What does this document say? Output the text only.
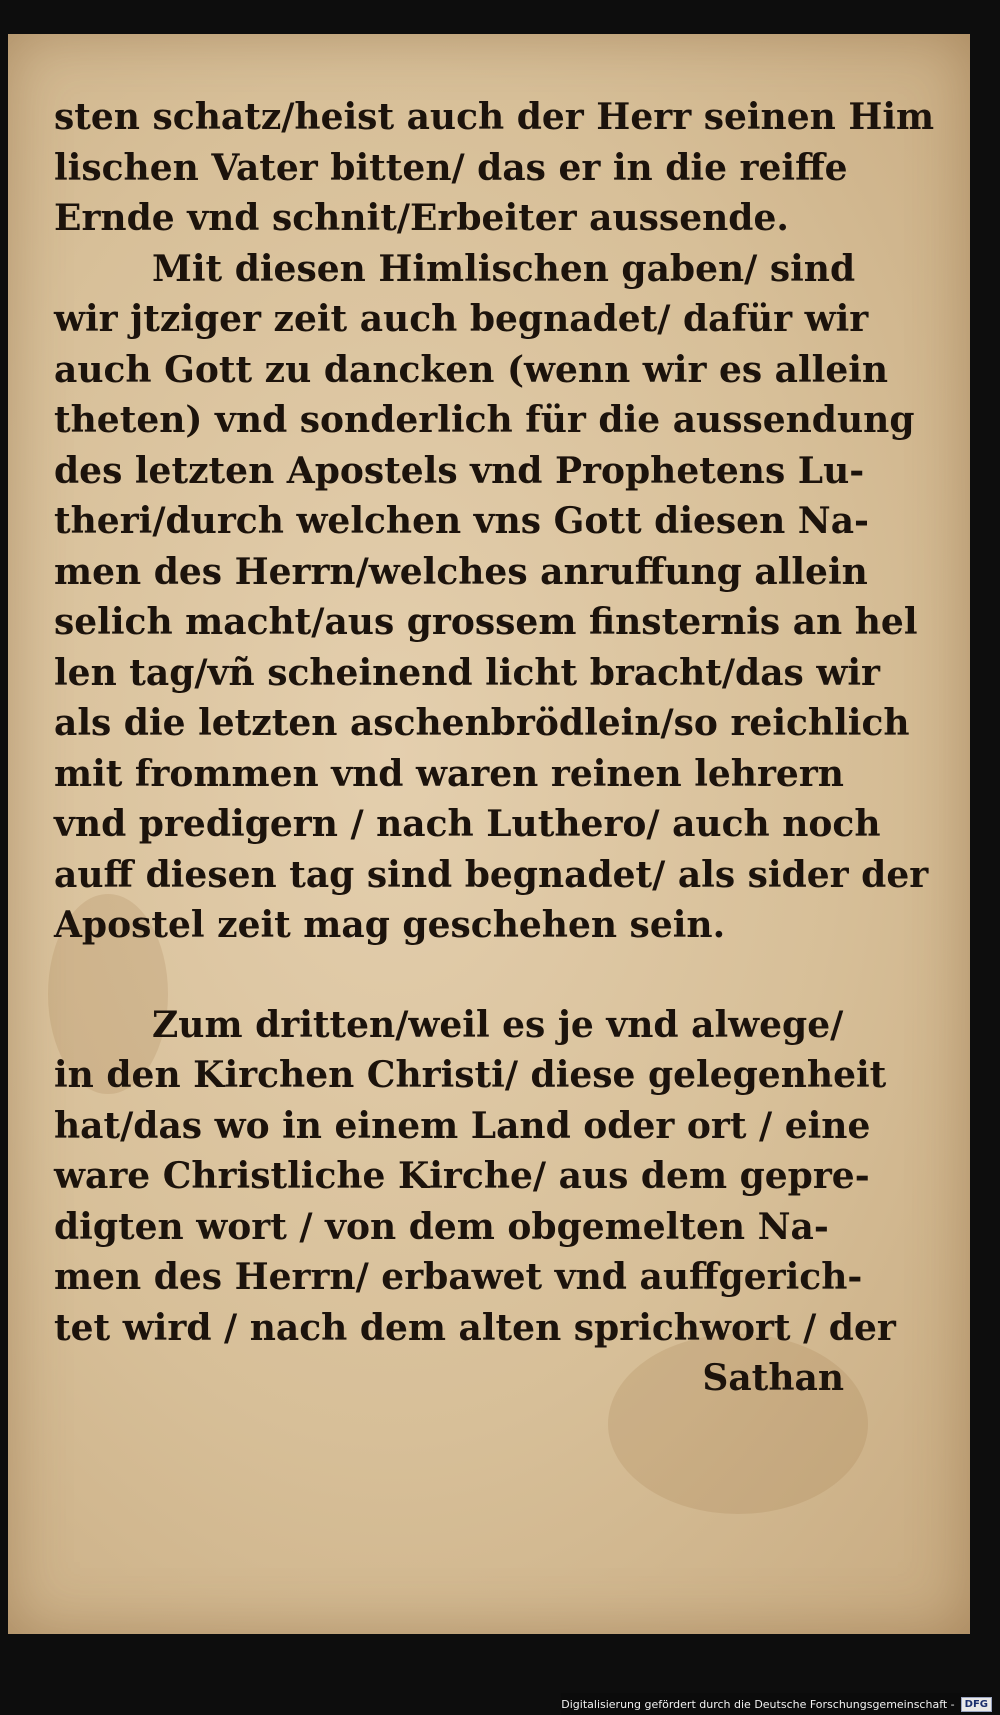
sten schatz/heist auch der Herr seinen Him
lischen Vater bitten/ das er in die reiffe
Ernde vnd schnit/Erbeiter aussende.
Mit diesen Himlischen gaben/ sind
wir jtziger zeit auch begnadet/ dafür wir
auch Gott zu dancken (wenn wir es allein
theten) vnd sonderlich für die aussendung
des letzten Apostels vnd Prophetens Lu-
theri/durch welchen vns Gott diesen Na-
men des Herrn/welches anruffung allein
selich macht/aus grossem finsternis an hel
len tag/vñ scheinend licht bracht/das wir
als die letzten aschenbrödlein/so reichlich
mit frommen vnd waren reinen lehrern
vnd predigern / nach Luthero/ auch noch
auff diesen tag sind begnadet/ als sider der
Apostel zeit mag geschehen sein.
Zum dritten/weil es je vnd alwege/
in den Kirchen Christi/ diese gelegenheit
hat/das wo in einem Land oder ort / eine
ware Christliche Kirche/ aus dem gepre-
digten wort / von dem obgemelten Na-
men des Herrn/ erbawet vnd auffgerich-
tet wird / nach dem alten sprichwort / der
Sathan
Digitalisierung gefördert durch die Deutsche Forschungsgemeinschaft -	DFG
